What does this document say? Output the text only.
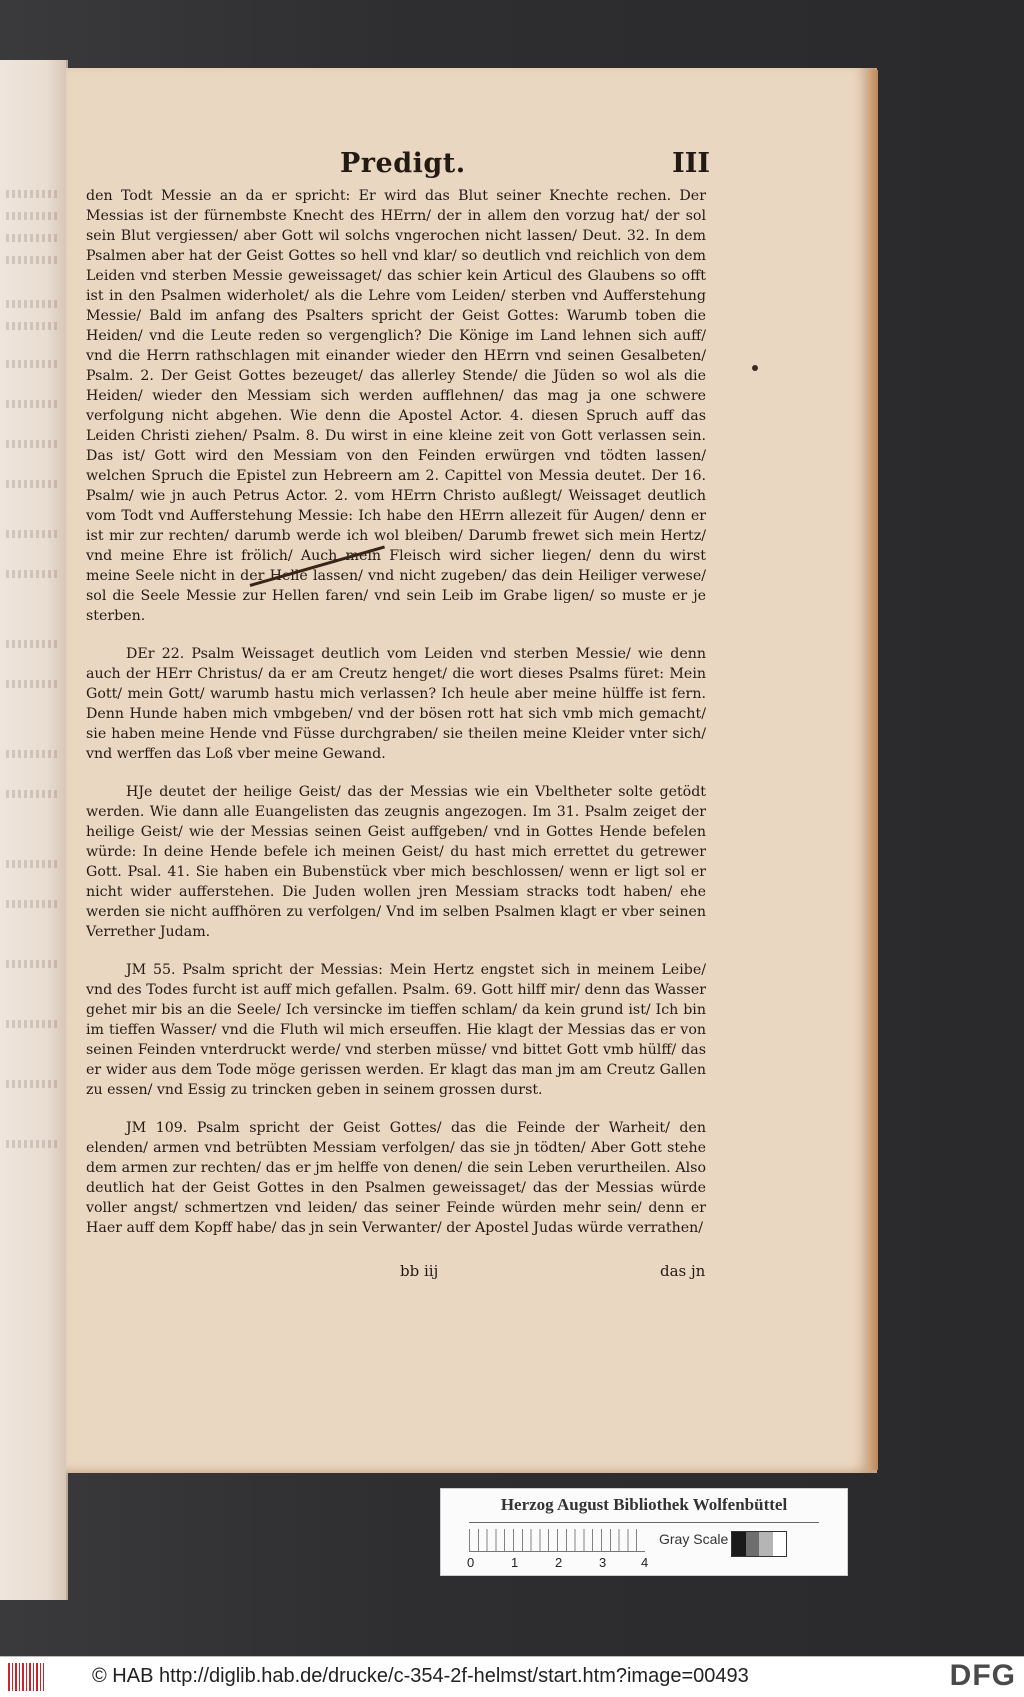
Predigt.	III

den Todt Messie an da er spricht: Er wird das Blut seiner Knechte rechen. Der Messias ist der fürnembste Knecht des HErrn/ der in allem den vorzug hat/ der sol sein Blut vergiessen/ aber Gott wil solchs vngerochen nicht lassen/ Deut. 32. In dem Psalmen aber hat der Geist Gottes so hell vnd klar/ so deutlich vnd reichlich von dem Leiden vnd sterben Messie geweissaget/ das schier kein Articul des Glaubens so offt ist in den Psalmen widerholet/ als die Lehre vom Leiden/ sterben vnd Aufferstehung Messie/ Bald im anfang des Psalters spricht der Geist Gottes: Warumb toben die Heiden/ vnd die Leute reden so vergenglich? Die Könige im Land lehnen sich auff/ vnd die Herrn rathschlagen mit einander wieder den HErrn vnd seinen Gesalbeten/ Psalm. 2. Der Geist Gottes bezeuget/ das allerley Stende/ die Jüden so wol als die Heiden/ wieder den Messiam sich werden aufflehnen/ das mag ja one schwere verfolgung nicht abgehen. Wie denn die Apostel Actor. 4. diesen Spruch auff das Leiden Christi ziehen/ Psalm. 8. Du wirst in eine kleine zeit von Gott verlassen sein. Das ist/ Gott wird den Messiam von den Feinden erwürgen vnd tödten lassen/ welchen Spruch die Epistel zun Hebreern am 2. Capittel von Messia deutet. Der 16. Psalm/ wie jn auch Petrus Actor. 2. vom HErrn Christo außlegt/ Weissaget deutlich vom Todt vnd Aufferstehung Messie: Ich habe den HErrn allezeit für Augen/ denn er ist mir zur rechten/ darumb werde ich wol bleiben/ Darumb frewet sich mein Hertz/ vnd meine Ehre ist frölich/ Auch mein Fleisch wird sicher liegen/ denn du wirst meine Seele nicht in der Helle lassen/ vnd nicht zugeben/ das dein Heiliger verwese/ sol die Seele Messie zur Hellen faren/ vnd sein Leib im Grabe ligen/ so muste er je sterben.

DEr 22. Psalm Weissaget deutlich vom Leiden vnd sterben Messie/ wie denn auch der HErr Christus/ da er am Creutz henget/ die wort dieses Psalms füret: Mein Gott/ mein Gott/ warumb hastu mich verlassen? Ich heule aber meine hülffe ist fern. Denn Hunde haben mich vmbgeben/ vnd der bösen rott hat sich vmb mich gemacht/ sie haben meine Hende vnd Füsse durchgraben/ sie theilen meine Kleider vnter sich/ vnd werffen das Loß vber meine Gewand.

HJe deutet der heilige Geist/ das der Messias wie ein Vbeltheter solte getödt werden. Wie dann alle Euangelisten das zeugnis angezogen. Im 31. Psalm zeiget der heilige Geist/ wie der Messias seinen Geist auffgeben/ vnd in Gottes Hende befelen würde: In deine Hende befele ich meinen Geist/ du hast mich errettet du getrewer Gott. Psal. 41. Sie haben ein Bubenstück vber mich beschlossen/ wenn er ligt sol er nicht wider aufferstehen. Die Juden wollen jren Messiam stracks todt haben/ ehe werden sie nicht auffhören zu verfolgen/ Vnd im selben Psalmen klagt er vber seinen Verrether Judam.

JM 55. Psalm spricht der Messias: Mein Hertz engstet sich in meinem Leibe/ vnd des Todes furcht ist auff mich gefallen. Psalm. 69. Gott hilff mir/ denn das Wasser gehet mir bis an die Seele/ Ich versincke im tieffen schlam/ da kein grund ist/ Ich bin im tieffen Wasser/ vnd die Fluth wil mich erseuffen. Hie klagt der Messias das er von seinen Feinden vnterdruckt werde/ vnd sterben müsse/ vnd bittet Gott vmb hülff/ das er wider aus dem Tode möge gerissen werden. Er klagt das man jm am Creutz Gallen zu essen/ vnd Essig zu trincken geben in seinem grossen durst.

JM 109. Psalm spricht der Geist Gottes/ das die Feinde der Warheit/ den elenden/ armen vnd betrübten Messiam verfolgen/ das sie jn tödten/ Aber Gott stehe dem armen zur rechten/ das er jm helffe von denen/ die sein Leben verurtheilen. Also deutlich hat der Geist Gottes in den Psalmen geweissaget/ das der Messias würde voller angst/ schmertzen vnd leiden/ das seiner Feinde würden mehr sein/ denn er Haer auff dem Kopff habe/ das jn sein Verwanter/ der Apostel Judas würde verrathen/

bb iij	das jn
Herzog August Bibliothek Wolfenbüttel
0	1	2	3	4
Gray Scale
© HAB http://diglib.hab.de/drucke/c-354-2f-helmst/start.htm?image=00493	DFG
